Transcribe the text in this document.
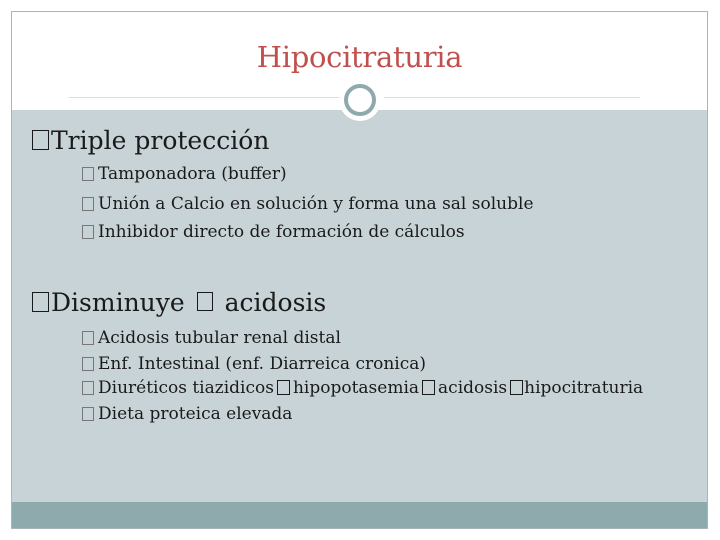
Hipocitraturia
Triple protección
Tamponadora (buffer)
Unión a Calcio en solución y forma una sal soluble
Inhibidor directo de formación de cálculos
Disminuye acidosis
Acidosis tubular renal distal
Enf. Intestinal (enf. Diarreica cronica)
Diuréticos tiazidicos hipopotasemia acidosis hipocitraturia
Dieta proteica elevada
